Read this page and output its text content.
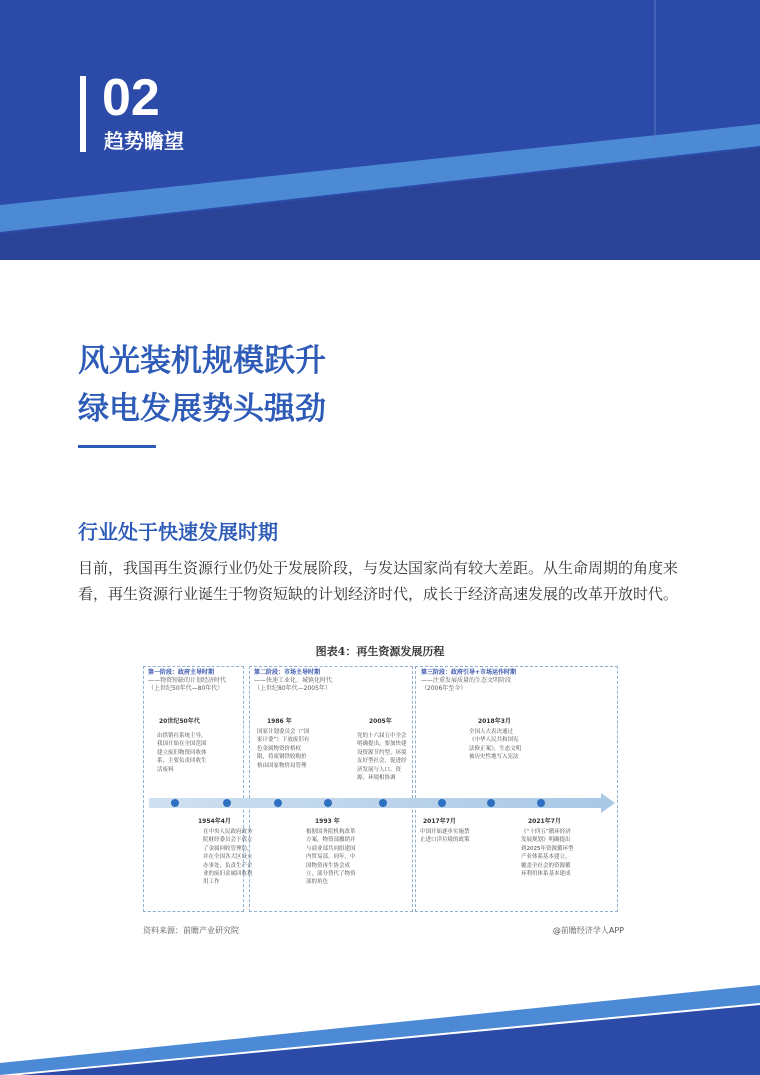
02
趋势瞻望
风光装机规模跃升
绿电发展势头强劲
行业处于快速发展时期
目前，我国再生资源行业仍处于发展阶段，与发达国家尚有较大差距。从生命周期的角度来看，再生资源行业诞生于物资短缺的计划经济时代，成长于经济高速发展的改革开放时代。
图表4：再生资源发展历程
第一阶段：政府主导时期
——物资短缺的计划经济时代
（上世纪50年代—80年代）
第二阶段：市场主导时期
——快速工业化、城镇化时代
（上世纪80年代—2005年）
第三阶段：政府引导+市场运作时期
——注重发展质量的生态文明阶段
（2006年至今）
20世纪50年代
由供销社系统主导，我国开始在全国范围建立废旧物资回收体系，主要负责回收生活废料
1986 年
国家计划委员会（“国家计委”）下放废旧有色金属物资价格权限，将废钢铁收购价格由国家物价局管理
2005年
党的十六届五中全会明确提出，要加快建设资源节约型、环境友好型社会，促进经济发展与人口、资源、环境相协调
2018年3月
全国人大表决通过《中华人民共和国宪法修正案》，生态文明被历史性地写入宪法
1954年4月
在中央人民政府政务院财经委员会下成立了金属回收管理局，并在全国各大区设立办事处，负责生产企业的废旧金属回收利用工作
1993 年
根据国务院机构改革方案，物资部撤销并与商业部共同组建国内贸易部。同年，中国物资再生协会成立，部分替代了物资部的角色
2017年7月
中国开始逐步实施禁止进口洋垃圾的政策
2021年7月
《“十四五”循环经济发展规划》明确提出到2025年资源循环型产业体系基本建立，覆盖全社会的资源循环利用体系基本建成
资料来源：前瞻产业研究院	@前瞻经济学人APP
